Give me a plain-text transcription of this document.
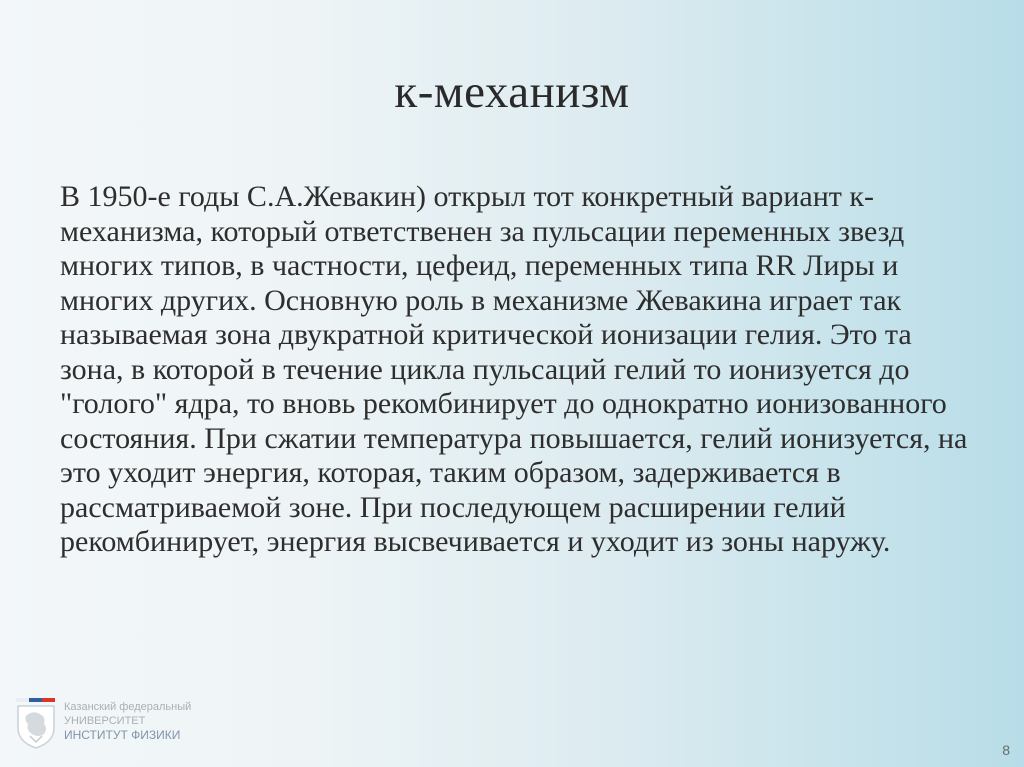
к-механизм

В 1950-е годы С.А.Жевакин) открыл тот конкретный вариант к-механизма, который ответственен за пульсации переменных звезд многих типов, в частности, цефеид, переменных типа RR Лиры и многих других. Основную роль в механизме Жевакина играет так называемая зона двукратной критической ионизации гелия. Это та зона, в которой в течение цикла пульсаций гелий то ионизуется до "голого" ядра, то вновь рекомбинирует до однократно ионизованного состояния. При сжатии температура повышается, гелий ионизуется, на это уходит энергия, которая, таким образом, задерживается в рассматриваемой зоне. При последующем расширении гелий рекомбинирует, энергия высвечивается и уходит из зоны наружу.

Казанский федеральный
УНИВЕРСИТЕТ
ИНСТИТУТ ФИЗИКИ
8
